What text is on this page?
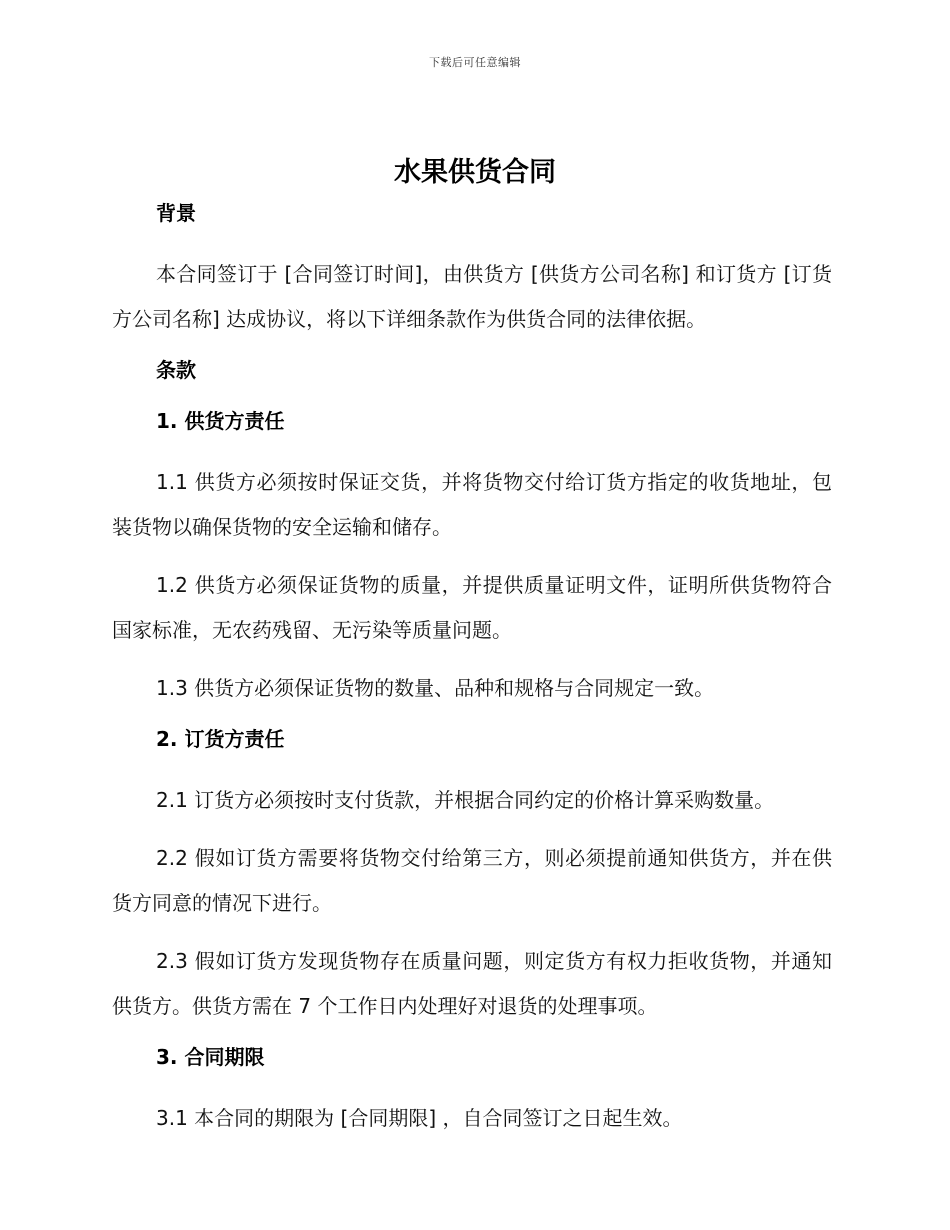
下载后可任意编辑
水果供货合同

背景

本合同签订于 [合同签订时间]，由供货方 [供货方公司名称] 和订货方 [订货方公司名称] 达成协议，将以下详细条款作为供货合同的法律依据。

条款

1. 供货方责任

1.1 供货方必须按时保证交货，并将货物交付给订货方指定的收货地址，包装货物以确保货物的安全运输和储存。

1.2 供货方必须保证货物的质量，并提供质量证明文件，证明所供货物符合国家标准，无农药残留、无污染等质量问题。

1.3 供货方必须保证货物的数量、品种和规格与合同规定一致。

2. 订货方责任

2.1 订货方必须按时支付货款，并根据合同约定的价格计算采购数量。

2.2 假如订货方需要将货物交付给第三方，则必须提前通知供货方，并在供货方同意的情况下进行。

2.3 假如订货方发现货物存在质量问题，则定货方有权力拒收货物，并通知供货方。供货方需在 7 个工作日内处理好对退货的处理事项。

3. 合同期限

3.1 本合同的期限为 [合同期限] ，自合同签订之日起生效。
